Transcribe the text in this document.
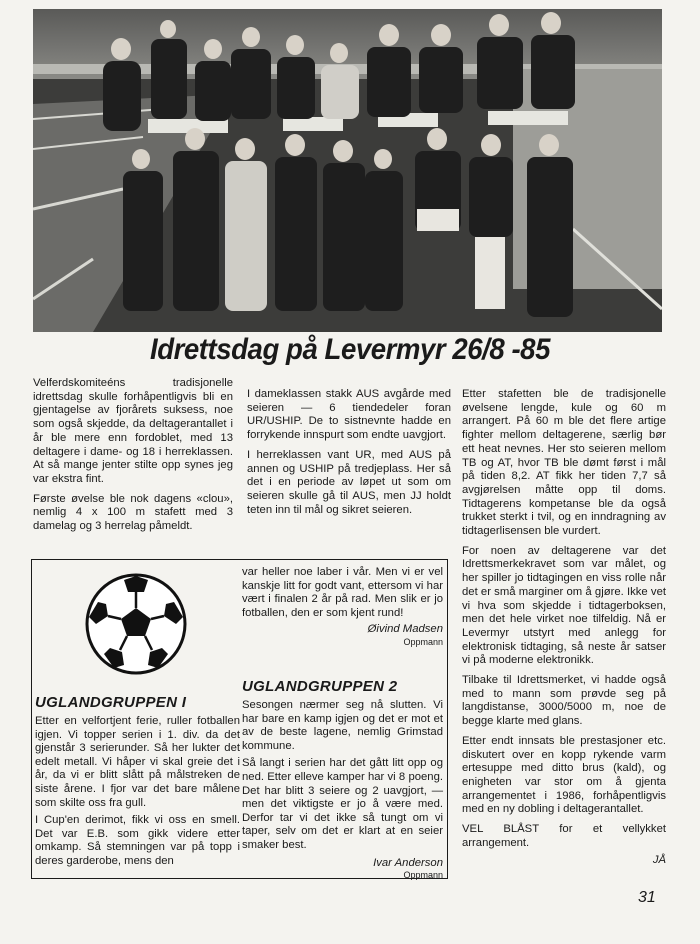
Idrettsdag på Levermyr 26/8 -85

Velferdskomiteéns tradisjonelle idrettsdag skulle forhåpentligvis bli en gjentagelse av fjorårets suksess, noe som også skjedde, da deltagerantallet i år ble mere enn fordoblet, med 13 deltagere i dame- og 18 i herreklassen. At så mange jenter stilte opp synes jeg var ekstra fint.

Første øvelse ble nok dagens «clou», nemlig 4 x 100 m stafett med 3 damelag og 3 herrelag påmeldt.

I dameklassen stakk AUS avgårde med seieren — 6 tiendedeler foran UR/USHIP. De to sistnevnte hadde en forrykende innspurt som endte uavgjort.

I herreklassen vant UR, med AUS på annen og USHIP på tredjeplass. Her så det i en periode av løpet ut som om seieren skulle gå til AUS, men JJ holdt teten inn til mål og sikret seieren.

Etter stafetten ble de tradisjonelle øvelsene lengde, kule og 60 m arrangert. På 60 m ble det flere artige fighter mellom deltagerene, særlig bør ett heat nevnes. Her sto seieren mellom TB og AT, hvor TB ble dømt først i mål på tiden 8,2. AT fikk her tiden 7,7 så avgjørelsen måtte opp til doms. Tidtagerens kompetanse ble da også trukket sterkt i tvil, og en inndragning av tidtagerlisensen ble vurdert.

For noen av deltagerene var det Idrettsmerkekravet som var målet, og her spiller jo tidtagingen en viss rolle når det er små marginer om å gjøre. Ikke vet vi hva som skjedde i tidtagerboksen, men det hele virket noe tilfeldig. Nå er Levermyr utstyrt med anlegg for elektronisk tidtaging, så neste år satser vi på moderne elektronikk.

Tilbake til Idrettsmerket, vi hadde også med to mann som prøvde seg på langdistanse, 3000/5000 m, noe de begge klarte med glans.

Etter endt innsats ble prestasjoner etc. diskutert over en kopp rykende varm ertesuppe med ditto brus (kald), og enigheten var stor om å gjenta arrangementet i 1986, forhåpentligvis med en ny dobling i deltagerantallet.

VEL BLÅST for et vellykket arrangement.

JÅ

var heller noe laber i vår. Men vi er vel kanskje litt for godt vant, ettersom vi har vært i finalen 2 år på rad. Men slik er jo fotballen, den er som kjent rund!

Øivind Madsen
Oppmann
UGLANDGRUPPEN I

Etter en velfortjent ferie, ruller fotballen igjen. Vi topper serien i 1. div. da det gjenstår 3 serierunder. Så her lukter det edelt metall. Vi håper vi skal greie det i år, da vi er blitt slått på målstreken de siste årene. I fjor var det bare målene som skilte oss fra gull.

I Cup'en derimot, fikk vi oss en smell. Det var E.B. som gikk videre etter omkamp. Så stemningen var på topp i deres garderobe, mens den

UGLANDGRUPPEN 2

Sesongen nærmer seg nå slutten. Vi har bare en kamp igjen og det er mot et av de beste lagene, nemlig Grimstad kommune.

Så langt i serien har det gått litt opp og ned. Etter elleve kamper har vi 8 poeng. Det har blitt 3 seiere og 2 uavgjort, — men det viktigste er jo å være med. Derfor tar vi det ikke så tungt om vi taper, selv om det er klart at en seier smaker best.

Ivar Anderson
Oppmann
31
